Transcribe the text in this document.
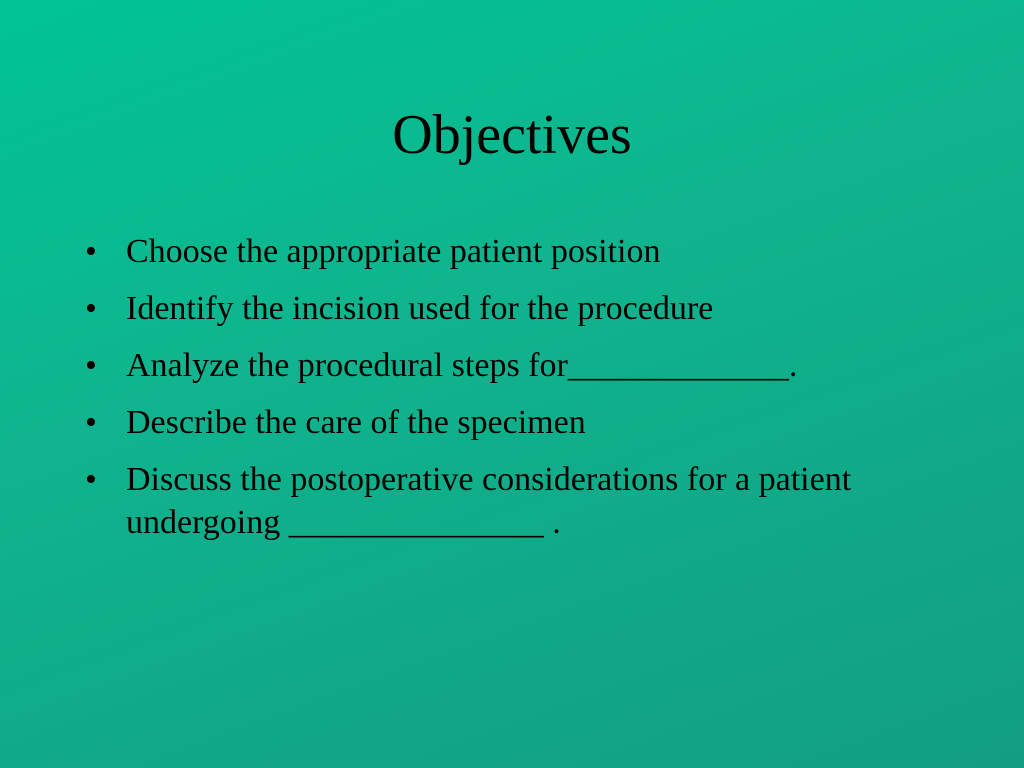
Objectives
• Choose the appropriate patient position
• Identify the incision used for the procedure
• Analyze the procedural steps for_____________.
• Describe the care of the specimen
• Discuss the postoperative considerations for a patient undergoing _______________ .
